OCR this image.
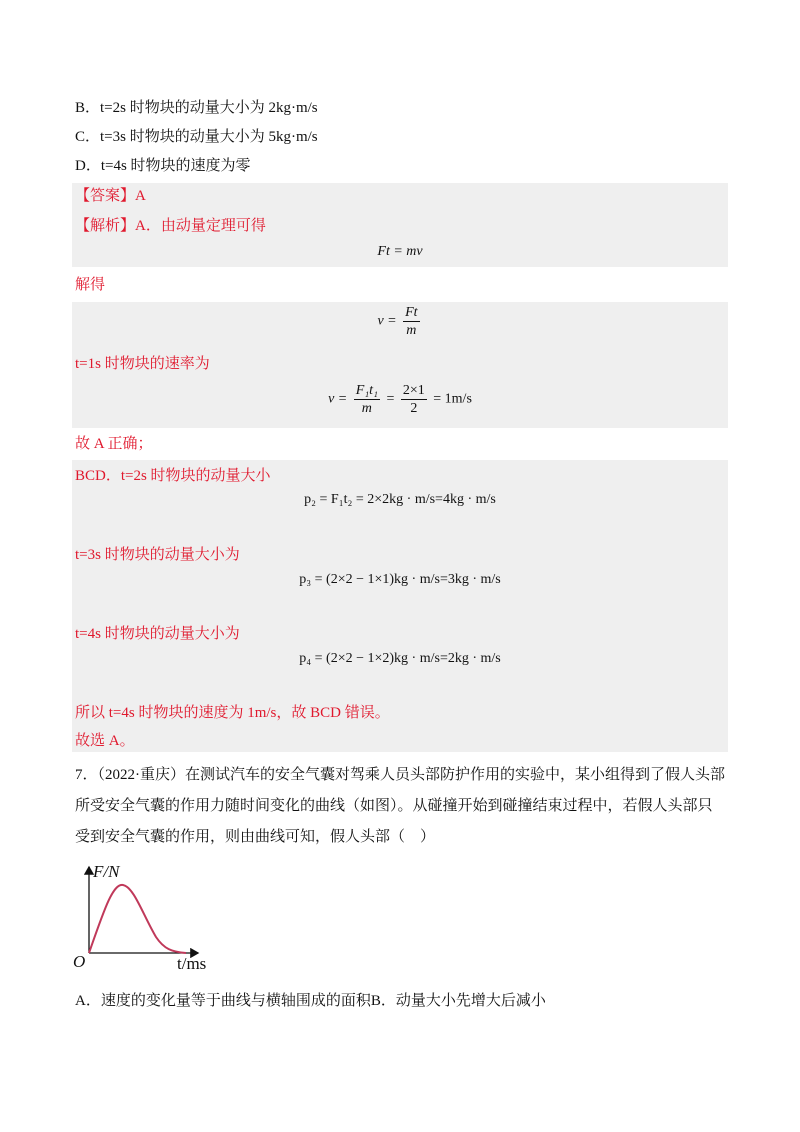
B．t=2s 时物块的动量大小为 2kg·m/s
C．t=3s 时物块的动量大小为 5kg·m/s
D．t=4s 时物块的速度为零
【答案】A
【解析】A．由动量定理可得
Ft = mv
解得
$v = \frac{Ft}{m}$
t=1s 时物块的速率为
$v = \frac{\text{F₁t₁}}{m} = \frac{2\times 1}{2} = 1m/s$
故 A 正确；
BCD．t=2s 时物块的动量大小
p₂ = F₁t₂ = 2×2kg · m/s=4kg · m/s
t=3s 时物块的动量大小为
p₃ = (2×2 − 1×1)kg · m/s=3kg · m/s
t=4s 时物块的动量大小为
p₄ = (2×2 − 1×2)kg · m/s=2kg · m/s
所以 t=4s 时物块的速度为 1m/s，故 BCD 错误。
故选 A。
7．（2022·重庆）在测试汽车的安全气囊对驾乘人员头部防护作用的实验中，某小组得到了假人头部所受安全气囊的作用力随时间变化的曲线（如图）。从碰撞开始到碰撞结束过程中，若假人头部只受到安全气囊的作用，则由曲线可知，假人头部（　）
F/N
O	t/ms
A．速度的变化量等于曲线与横轴围成的面积B．动量大小先增大后减小
